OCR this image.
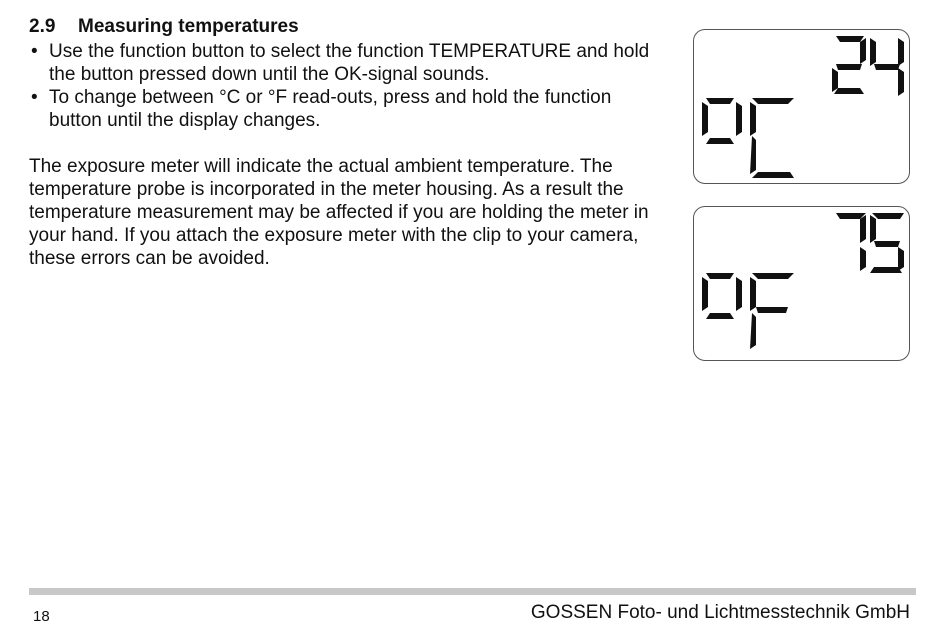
2.9 Measuring temperatures
• Use the function button to select the function TEMPERATURE and hold the button pressed down until the OK-signal sounds.
• To change between °C or °F read-outs, press and hold the function button until the display changes.

The exposure meter will indicate the actual ambient temperature. The temperature probe is incorporated in the meter housing. As a result the temperature measurement may be affected if you are holding the meter in your hand. If you attach the exposure meter with the clip to your camera, these errors can be avoided.

18	GOSSEN Foto- und Lichtmesstechnik GmbH
